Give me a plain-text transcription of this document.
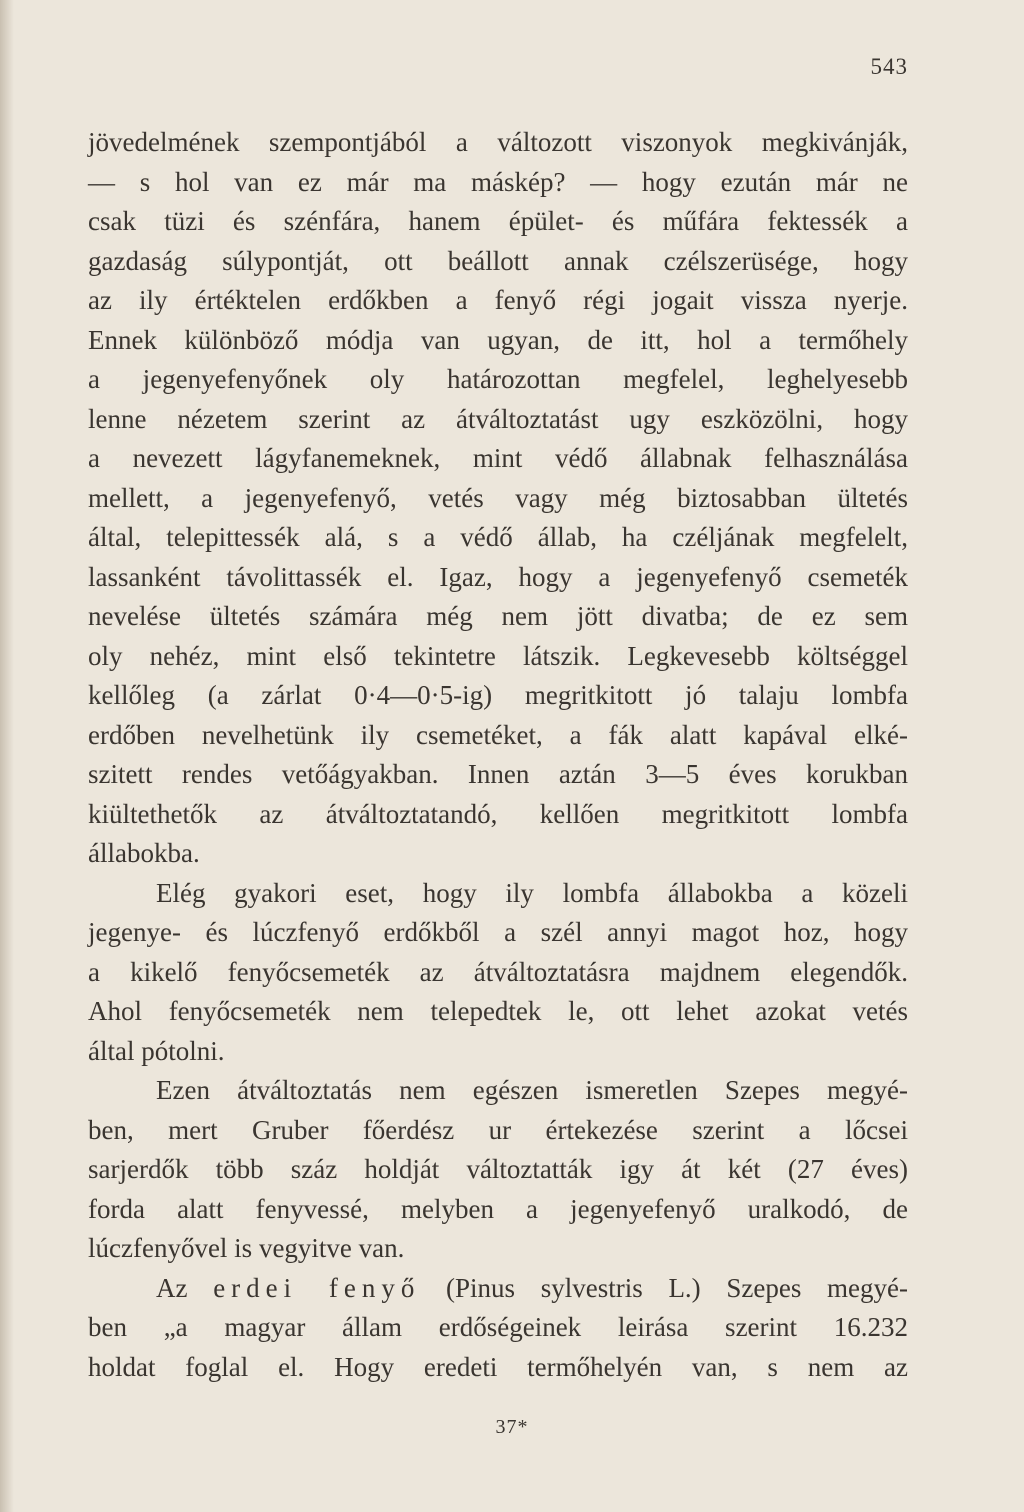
543

jövedelmének szempontjából a változott viszonyok megkivánják,
— s hol van ez már ma máskép? — hogy ezután már ne
csak tüzi és szénfára, hanem épület- és műfára fektessék a
gazdaság súlypontját, ott beállott annak czélszerüsége, hogy
az ily értéktelen erdőkben a fenyő régi jogait vissza nyerje.
Ennek különböző módja van ugyan, de itt, hol a termőhely
a jegenyefenyőnek oly határozottan megfelel, leghelyesebb
lenne nézetem szerint az átváltoztatást ugy eszközölni, hogy
a nevezett lágyfanemeknek, mint védő állabnak felhasználása
mellett, a jegenyefenyő, vetés vagy még biztosabban ültetés
által, telepittessék alá, s a védő állab, ha czéljának megfelelt,
lassanként távolittassék el. Igaz, hogy a jegenyefenyő csemeték
nevelése ültetés számára még nem jött divatba; de ez sem
oly nehéz, mint első tekintetre látszik. Legkevesebb költséggel
kellőleg (a zárlat 0·4—0·5-ig) megritkitott jó talaju lombfa
erdőben nevelhetünk ily csemetéket, a fák alatt kapával elké-
szitett rendes vetőágyakban. Innen aztán 3—5 éves korukban
kiültethetők az átváltoztatandó, kellően megritkitott lombfa
állabokba.

Elég gyakori eset, hogy ily lombfa állabokba a közeli
jegenye- és lúczfenyő erdőkből a szél annyi magot hoz, hogy
a kikelő fenyőcsemeték az átváltoztatásra majdnem elegendők.
Ahol fenyőcsemeték nem telepedtek le, ott lehet azokat vetés
által pótolni.

Ezen átváltoztatás nem egészen ismeretlen Szepes megyé-
ben, mert Gruber főerdész ur értekezése szerint a lőcsei
sarjerdők több száz holdját változtatták igy át két (27 éves)
forda alatt fenyvessé, melyben a jegenyefenyő uralkodó, de
lúczfenyővel is vegyitve van.

Az erdei fenyő (Pinus sylvestris L.) Szepes megyé-
ben „a magyar állam erdőségeinek leirása szerint 16.232
holdat foglal el. Hogy eredeti termőhelyén van, s nem az

37*
